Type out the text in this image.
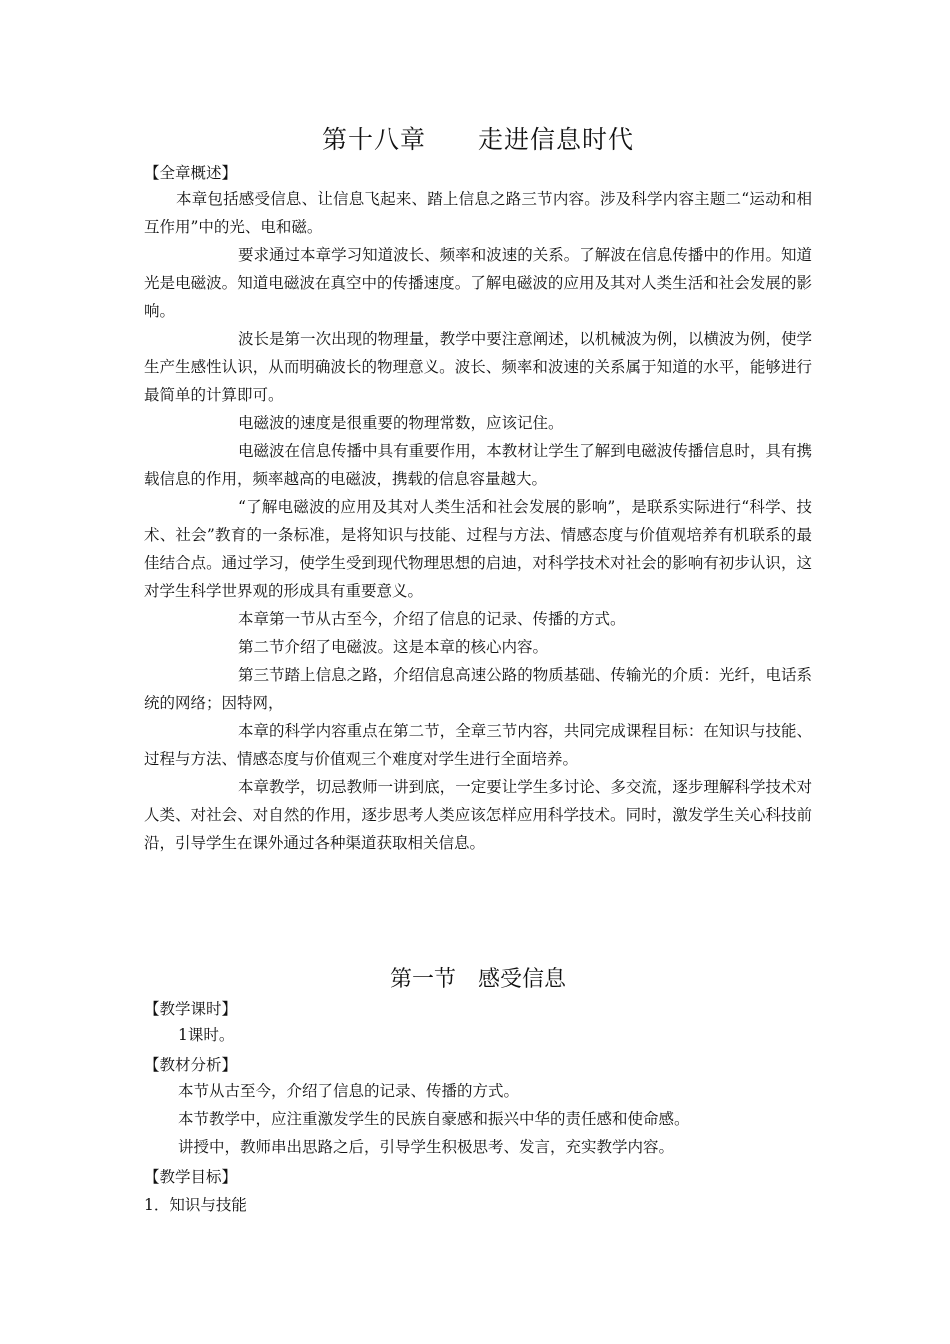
第十八章　　走进信息时代
【全章概述】

本章包括感受信息、让信息飞起来、踏上信息之路三节内容。涉及科学内容主题二“运动和相互作用”中的光、电和磁。

要求通过本章学习知道波长、频率和波速的关系。了解波在信息传播中的作用。知道光是电磁波。知道电磁波在真空中的传播速度。了解电磁波的应用及其对人类生活和社会发展的影响。

波长是第一次出现的物理量，教学中要注意阐述，以机械波为例，以横波为例，使学生产生感性认识，从而明确波长的物理意义。波长、频率和波速的关系属于知道的水平，能够进行最简单的计算即可。

电磁波的速度是很重要的物理常数，应该记住。

电磁波在信息传播中具有重要作用，本教材让学生了解到电磁波传播信息时，具有携载信息的作用，频率越高的电磁波，携载的信息容量越大。

“了解电磁波的应用及其对人类生活和社会发展的影响”，是联系实际进行“科学、技术、社会”教育的一条标准，是将知识与技能、过程与方法、情感态度与价值观培养有机联系的最佳结合点。通过学习，使学生受到现代物理思想的启迪，对科学技术对社会的影响有初步认识，这对学生科学世界观的形成具有重要意义。

本章第一节从古至今，介绍了信息的记录、传播的方式。

第二节介绍了电磁波。这是本章的核心内容。

第三节踏上信息之路，介绍信息高速公路的物质基础、传输光的介质：光纤，电话系统的网络；因特网，

本章的科学内容重点在第二节，全章三节内容，共同完成课程目标：在知识与技能、过程与方法、情感态度与价值观三个难度对学生进行全面培养。

本章教学，切忌教师一讲到底，一定要让学生多讨论、多交流，逐步理解科学技术对人类、对社会、对自然的作用，逐步思考人类应该怎样应用科学技术。同时，激发学生关心科技前沿，引导学生在课外通过各种渠道获取相关信息。

第一节　感受信息
【教学课时】

1课时。

【教材分析】

本节从古至今，介绍了信息的记录、传播的方式。

本节教学中，应注重激发学生的民族自豪感和振兴中华的责任感和使命感。

讲授中，教师串出思路之后，引导学生积极思考、发言，充实教学内容。

【教学目标】
1．知识与技能
